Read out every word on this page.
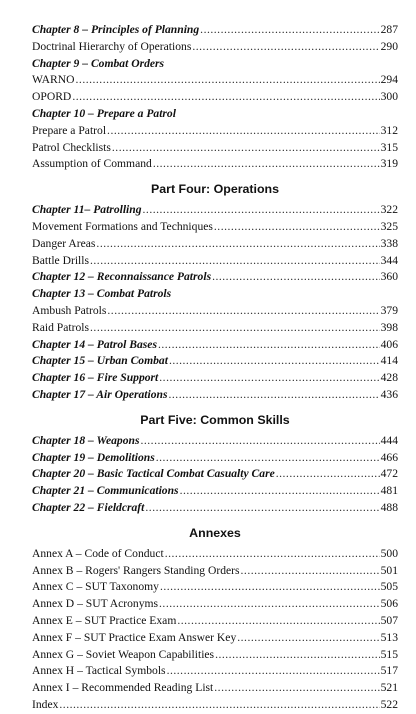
Chapter 8 – Principles of Planning .....	287
Doctrinal Hierarchy of Operations .....	290
Chapter 9 – Combat Orders
WARNO .....	294
OPORD .....	300
Chapter 10 – Prepare a Patrol
Prepare a Patrol .....	312
Patrol Checklists .....	315
Assumption of Command .....	319
Part Four: Operations
Chapter 11– Patrolling .....	322
Movement Formations and Techniques .....	325
Danger Areas .....	338
Battle Drills .....	344
Chapter 12 – Reconnaissance Patrols .....	360
Chapter 13 – Combat Patrols
Ambush Patrols .....	379
Raid Patrols .....	398
Chapter 14 – Patrol Bases .....	406
Chapter 15 – Urban Combat .....	414
Chapter 16 – Fire Support .....	428
Chapter 17 – Air Operations .....	436
Part Five: Common Skills
Chapter 18 – Weapons .....	444
Chapter 19 – Demolitions .....	466
Chapter 20 – Basic Tactical Combat Casualty Care .....	472
Chapter 21 – Communications .....	481
Chapter 22 – Fieldcraft .....	488
Annexes
Annex A – Code of Conduct .....	500
Annex B – Rogers' Rangers Standing Orders .....	501
Annex C – SUT Taxonomy .....	505
Annex D – SUT Acronyms .....	506
Annex E – SUT Practice Exam .....	507
Annex F – SUT Practice Exam Answer Key .....	513
Annex G – Soviet Weapon Capabilities .....	515
Annex H – Tactical Symbols .....	517
Annex I – Recommended Reading List .....	521
Index .....	522
